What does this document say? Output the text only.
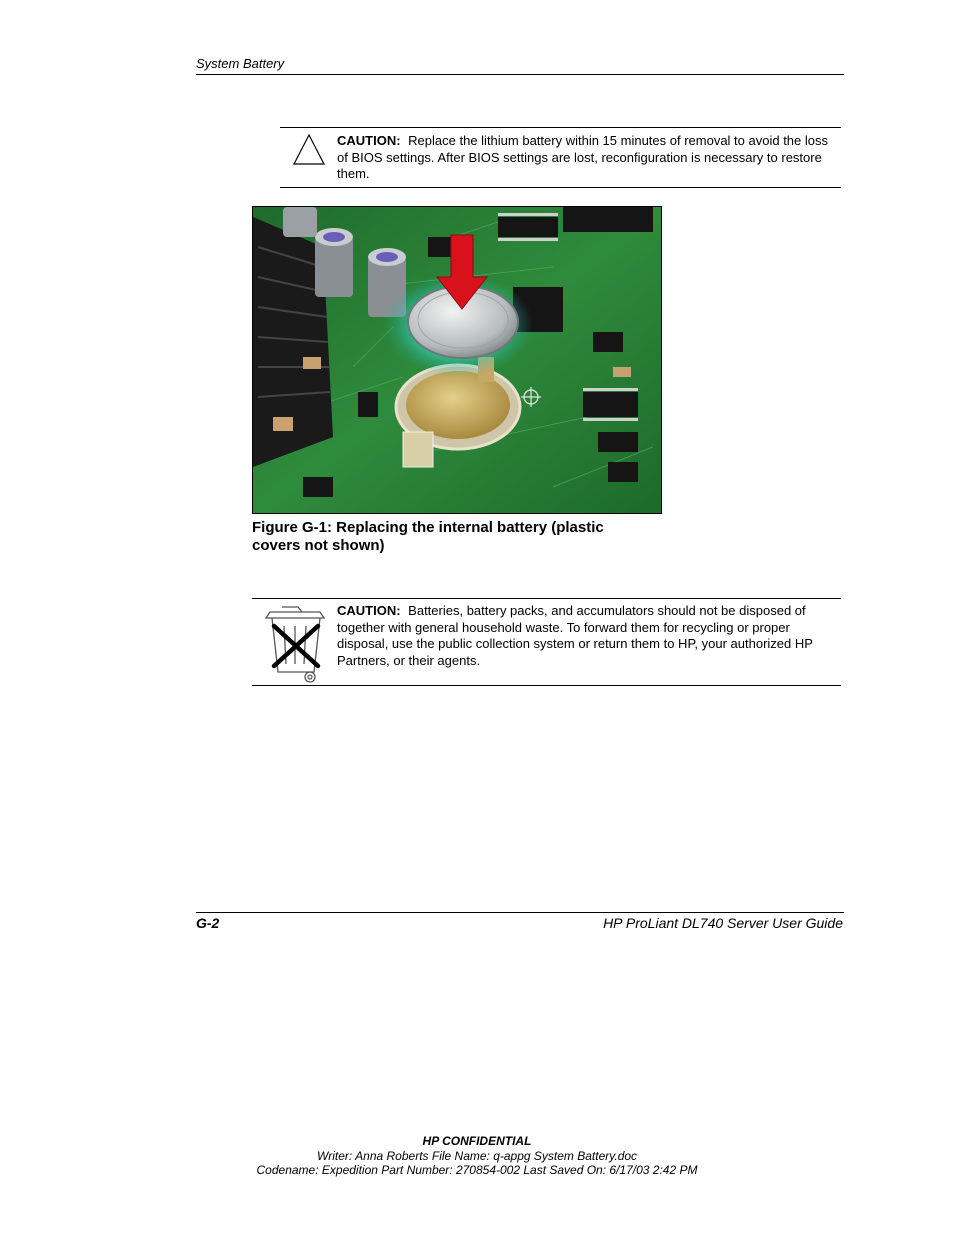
System Battery
CAUTION: Replace the lithium battery within 15 minutes of removal to avoid the loss of BIOS settings. After BIOS settings are lost, reconfiguration is necessary to restore them.
Figure G-1: Replacing the internal battery (plastic covers not shown)
CAUTION: Batteries, battery packs, and accumulators should not be disposed of together with general household waste. To forward them for recycling or proper disposal, use the public collection system or return them to HP, your authorized HP Partners, or their agents.
G-2	HP ProLiant DL740 Server User Guide
HP CONFIDENTIAL
Writer: Anna Roberts File Name: q-appg System Battery.doc
Codename: Expedition Part Number: 270854-002 Last Saved On: 6/17/03 2:42 PM
